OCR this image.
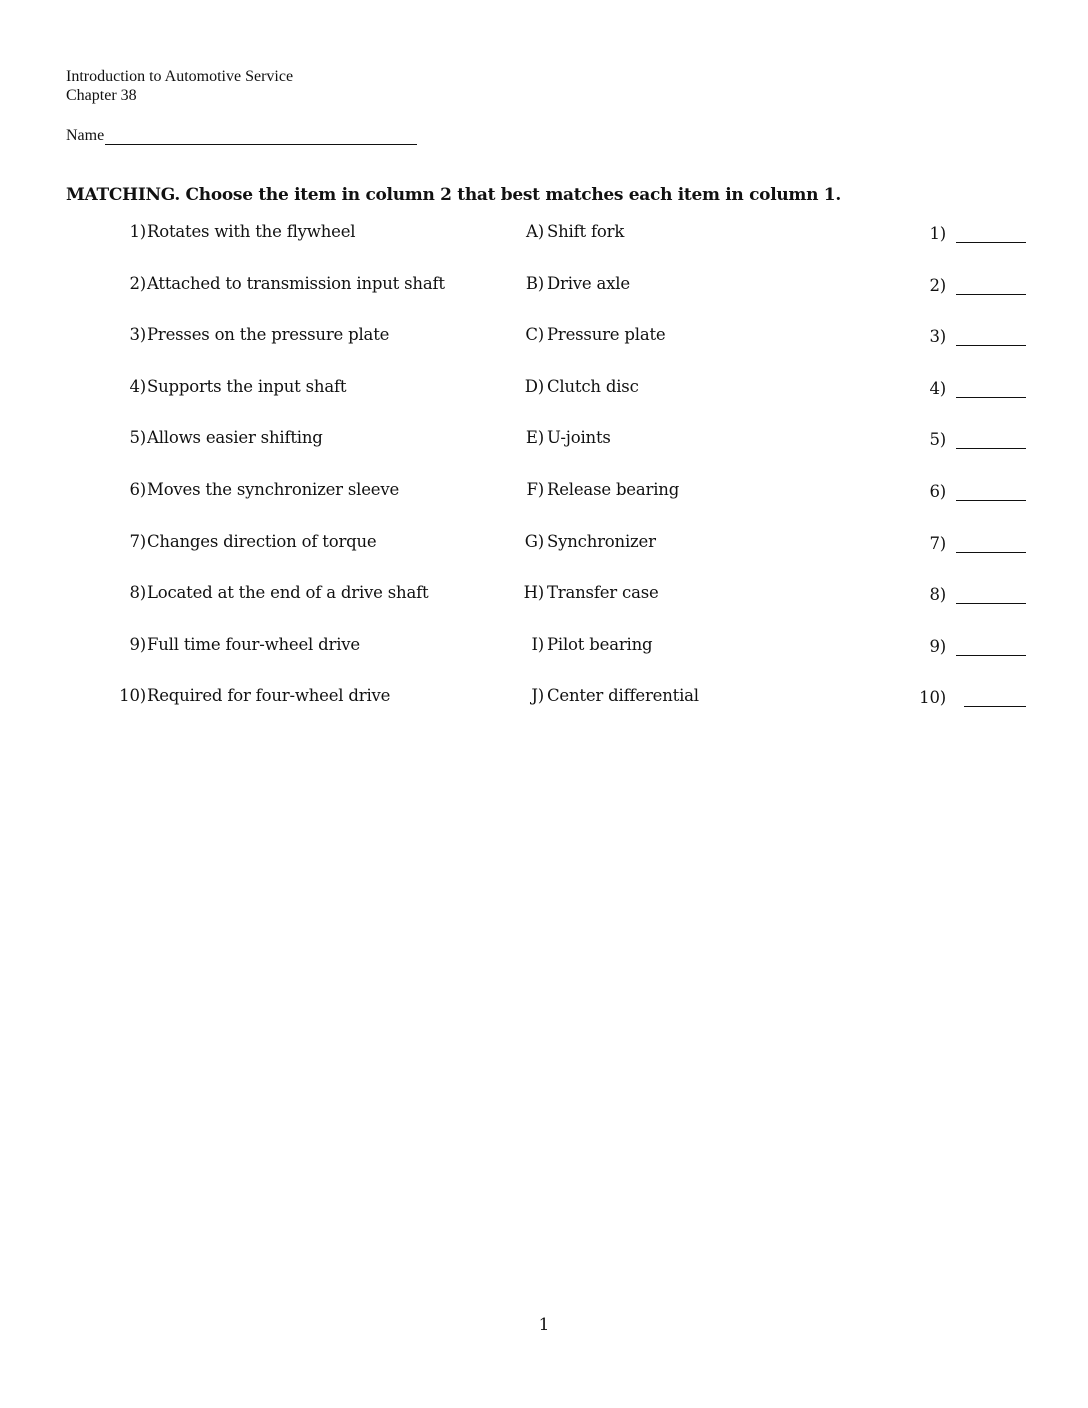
Introduction to Automotive Service
Chapter 38
Name
MATCHING. Choose the item in column 2 that best matches each item in column 1.
1) Rotates with the flywheel	A) Shift fork	1)
2) Attached to transmission input shaft	B) Drive axle	2)
3) Presses on the pressure plate	C) Pressure plate	3)
4) Supports the input shaft	D) Clutch disc	4)
5) Allows easier shifting	E) U-joints	5)
6) Moves the synchronizer sleeve	F) Release bearing	6)
7) Changes direction of torque	G) Synchronizer	7)
8) Located at the end of a drive shaft	H) Transfer case	8)
9) Full time four-wheel drive	I) Pilot bearing	9)
10) Required for four-wheel drive	J) Center differential	10)
1
